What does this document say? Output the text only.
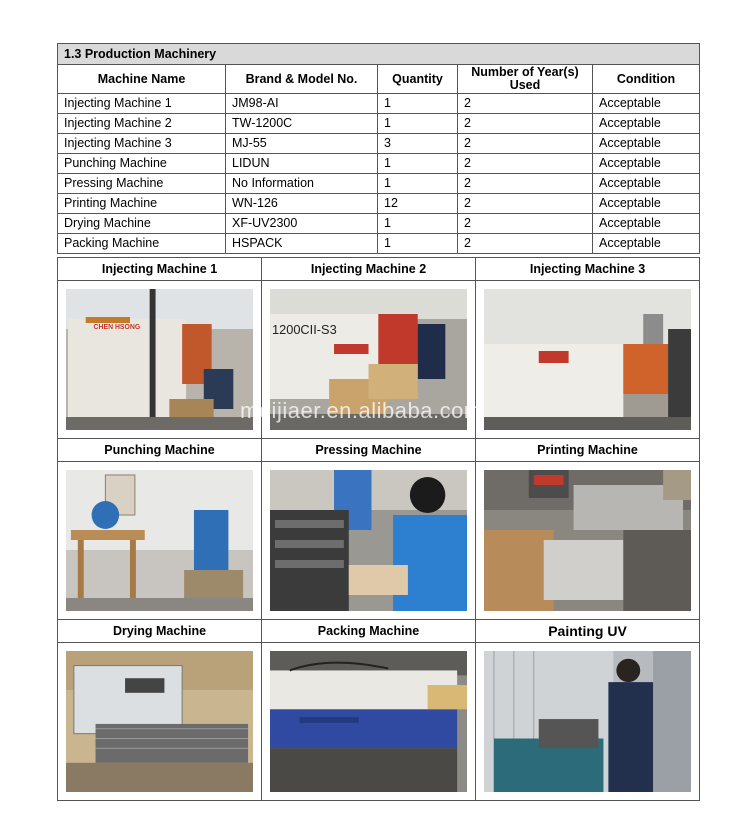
1.3 Production Machinery				
Machine Name	Brand & Model No.	Quantity	Number of Year(s) Used	Condition
Injecting Machine 1	JM98-AI	1	2	Acceptable
Injecting Machine 2	TW-1200C	1	2	Acceptable
Injecting Machine 3	MJ-55	3	2	Acceptable
Punching Machine	LIDUN	1	2	Acceptable
Pressing Machine	No Information	1	2	Acceptable
Printing Machine	WN-126	12	2	Acceptable
Drying Machine	XF-UV2300	1	2	Acceptable
Packing Machine	HSPACK	1	2	Acceptable
Injecting Machine 1	Injecting Machine 2	Injecting Machine 3

CHEN HSONG	1200CII-S3

Punching Machine	Pressing Machine	Printing Machine

Drying Machine	Packing Machine	Painting UV

meijiaer.en.alibaba.com
